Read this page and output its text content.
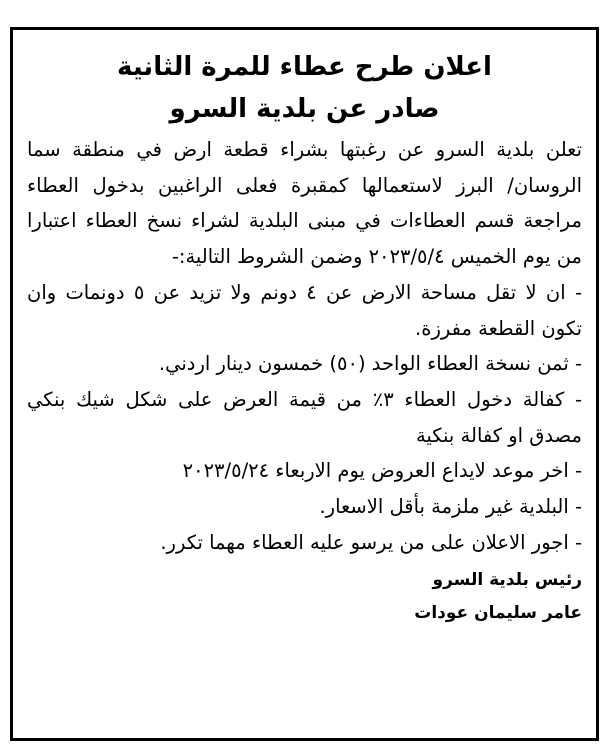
اعلان طرح عطاء للمرة الثانية
صادر عن بلدية السرو

تعلن بلدية السرو عن رغبتها بشراء قطعة ارض في منطقة سما الروسان/ البرز لاستعمالها كمقبرة فعلى الراغبين بدخول العطاء مراجعة قسم العطاءات في مبنى البلدية لشراء نسخ العطاء اعتبارا من يوم الخميس ٢٠٢٣/٥/٤ وضمن الشروط التالية:-

- ان لا تقل مساحة الارض عن ٤ دونم ولا تزيد عن ٥ دونمات وان تكون القطعة مفرزة.

- ثمن نسخة العطاء الواحد (٥٠) خمسون دينار اردني.

- كفالة دخول العطاء ٣٪ من قيمة العرض على شكل شيك بنكي مصدق او كفالة بنكية

- اخر موعد لايداع العروض يوم الاربعاء ٢٠٢٣/٥/٢٤

- البلدية غير ملزمة بأقل الاسعار.

- اجور الاعلان على من يرسو عليه العطاء مهما تكرر.

رئيس بلدية السرو
عامر سليمان عودات
